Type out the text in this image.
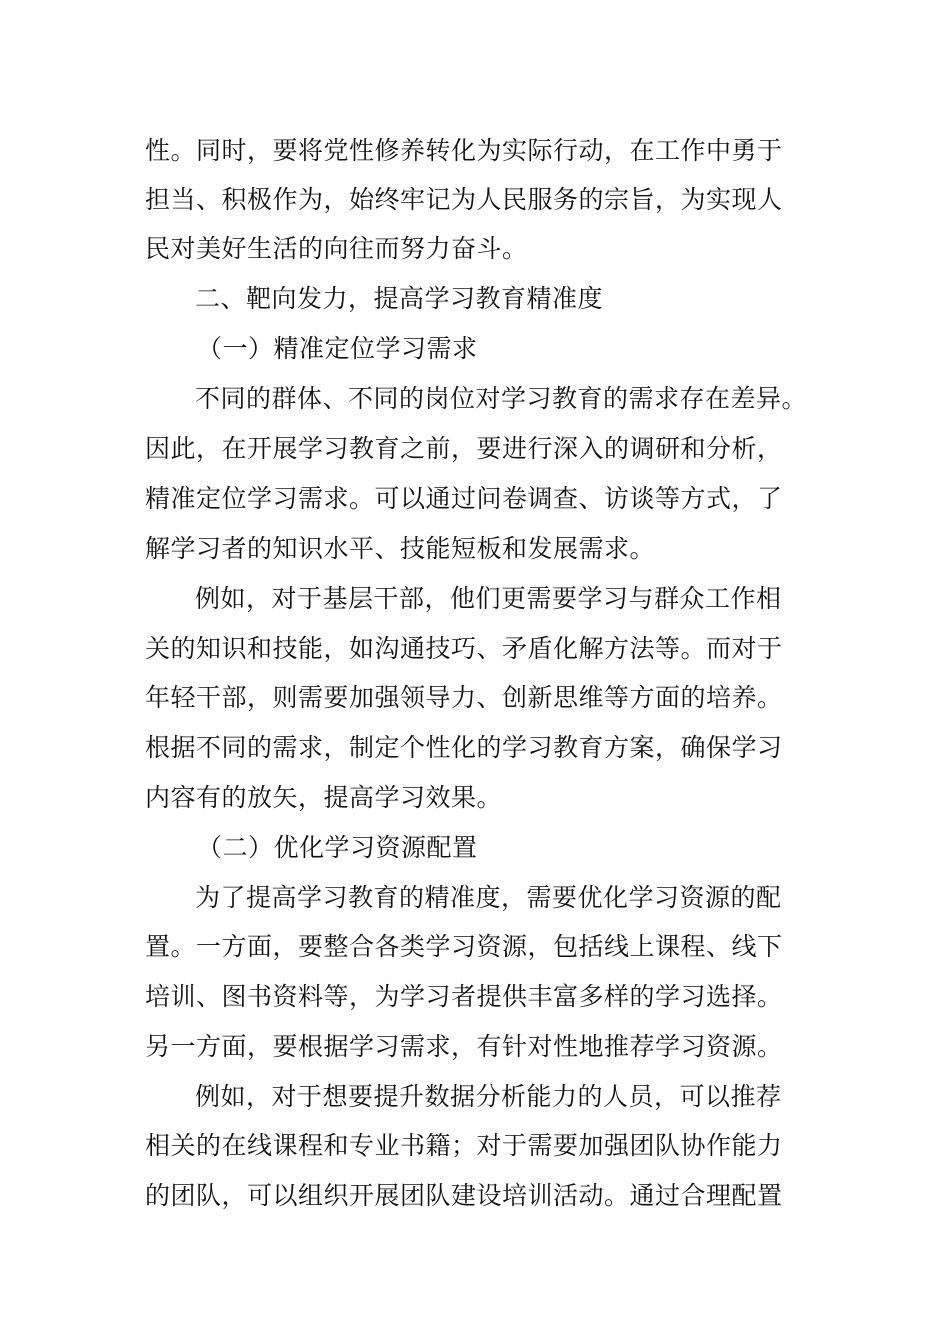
性。同时，要将党性修养转化为实际行动，在工作中勇于
担当、积极作为，始终牢记为人民服务的宗旨，为实现人
民对美好生活的向往而努力奋斗。
二、靶向发力，提高学习教育精准度
（一）精准定位学习需求
不同的群体、不同的岗位对学习教育的需求存在差异。
因此，在开展学习教育之前，要进行深入的调研和分析，
精准定位学习需求。可以通过问卷调查、访谈等方式，了
解学习者的知识水平、技能短板和发展需求。
例如，对于基层干部，他们更需要学习与群众工作相
关的知识和技能，如沟通技巧、矛盾化解方法等。而对于
年轻干部，则需要加强领导力、创新思维等方面的培养。
根据不同的需求，制定个性化的学习教育方案，确保学习
内容有的放矢，提高学习效果。
（二）优化学习资源配置
为了提高学习教育的精准度，需要优化学习资源的配
置。一方面，要整合各类学习资源，包括线上课程、线下
培训、图书资料等，为学习者提供丰富多样的学习选择。
另一方面，要根据学习需求，有针对性地推荐学习资源。
例如，对于想要提升数据分析能力的人员，可以推荐
相关的在线课程和专业书籍；对于需要加强团队协作能力
的团队，可以组织开展团队建设培训活动。通过合理配置
